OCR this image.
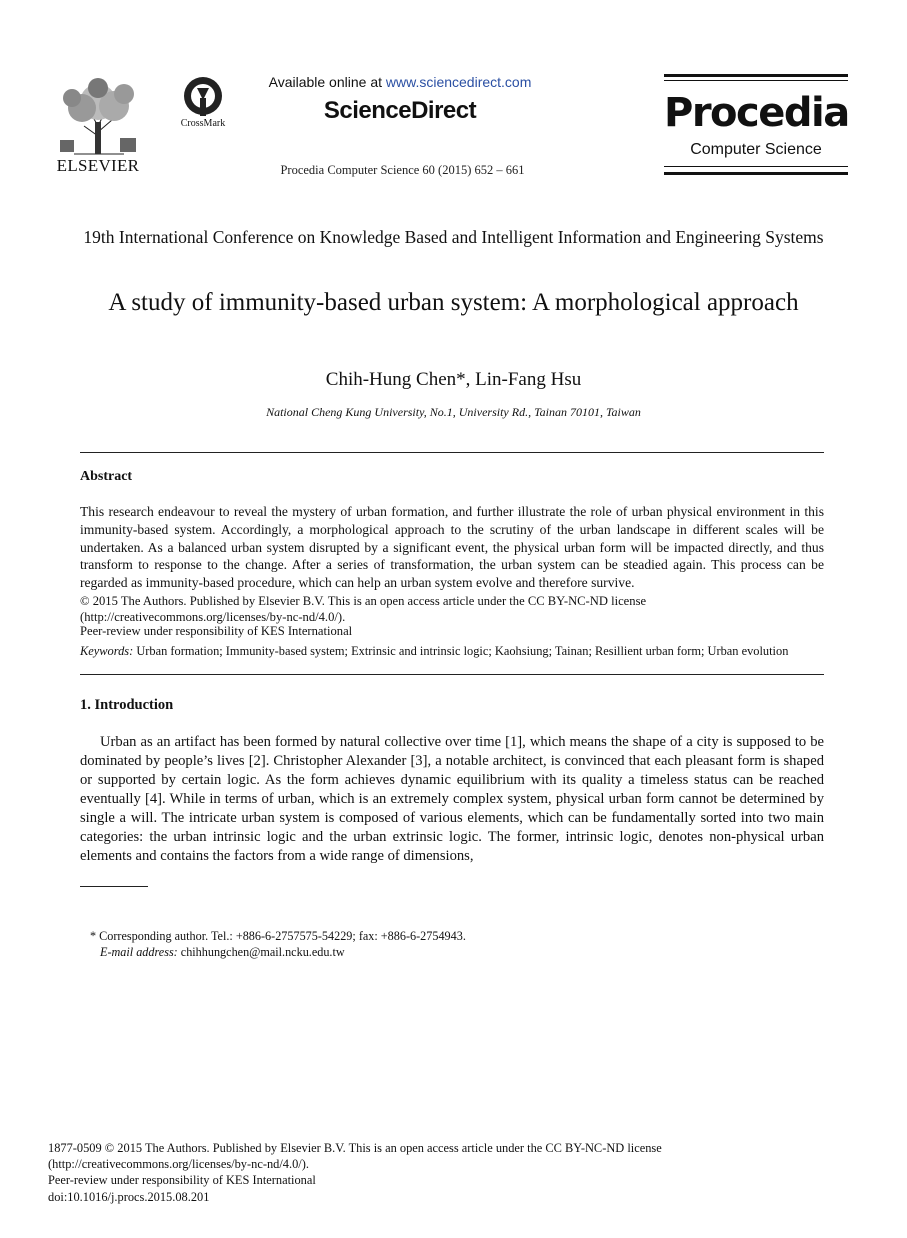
ELSEVIER
CrossMark
Available online at www.sciencedirect.com
ScienceDirect
Procedia Computer Science 60 (2015) 652 – 661
Procedia
Computer Science
19th International Conference on Knowledge Based and Intelligent Information and Engineering Systems
A study of immunity-based urban system: A morphological approach
Chih-Hung Chen*, Lin-Fang Hsu
National Cheng Kung University, No.1, University Rd., Tainan 70101, Taiwan
Abstract
This research endeavour to reveal the mystery of urban formation, and further illustrate the role of urban physical environment in this immunity-based system. Accordingly, a morphological approach to the scrutiny of the urban landscape in different scales will be undertaken. As a balanced urban system disrupted by a significant event, the physical urban form will be impacted directly, and thus transform to response to the change. After a series of transformation, the urban system can be steadied again. This process can be regarded as immunity-based procedure, which can help an urban system evolve and therefore survive.
© 2015 The Authors. Published by Elsevier B.V. This is an open access article under the CC BY-NC-ND license
(http://creativecommons.org/licenses/by-nc-nd/4.0/).
Peer-review under responsibility of KES International
Keywords: Urban formation; Immunity-based system; Extrinsic and intrinsic logic; Kaohsiung; Tainan; Resillient urban form; Urban evolution
1. Introduction
Urban as an artifact has been formed by natural collective over time [1], which means the shape of a city is supposed to be dominated by people’s lives [2]. Christopher Alexander [3], a notable architect, is convinced that each pleasant form is shaped or supported by certain logic. As the form achieves dynamic equilibrium with its quality a timeless status can be reached eventually [4]. While in terms of urban, which is an extremely complex system, physical urban form cannot be determined by single a will. The intricate urban system is composed of various elements, which can be fundamentally sorted into two main categories: the urban intrinsic logic and the urban extrinsic logic. The former, intrinsic logic, denotes non-physical urban elements and contains the factors from a wide range of dimensions,
* Corresponding author. Tel.: +886-6-2757575-54229; fax: +886-6-2754943.
E-mail address: chihhungchen@mail.ncku.edu.tw
1877-0509 © 2015 The Authors. Published by Elsevier B.V. This is an open access article under the CC BY-NC-ND license
(http://creativecommons.org/licenses/by-nc-nd/4.0/).
Peer-review under responsibility of KES International
doi:10.1016/j.procs.2015.08.201
